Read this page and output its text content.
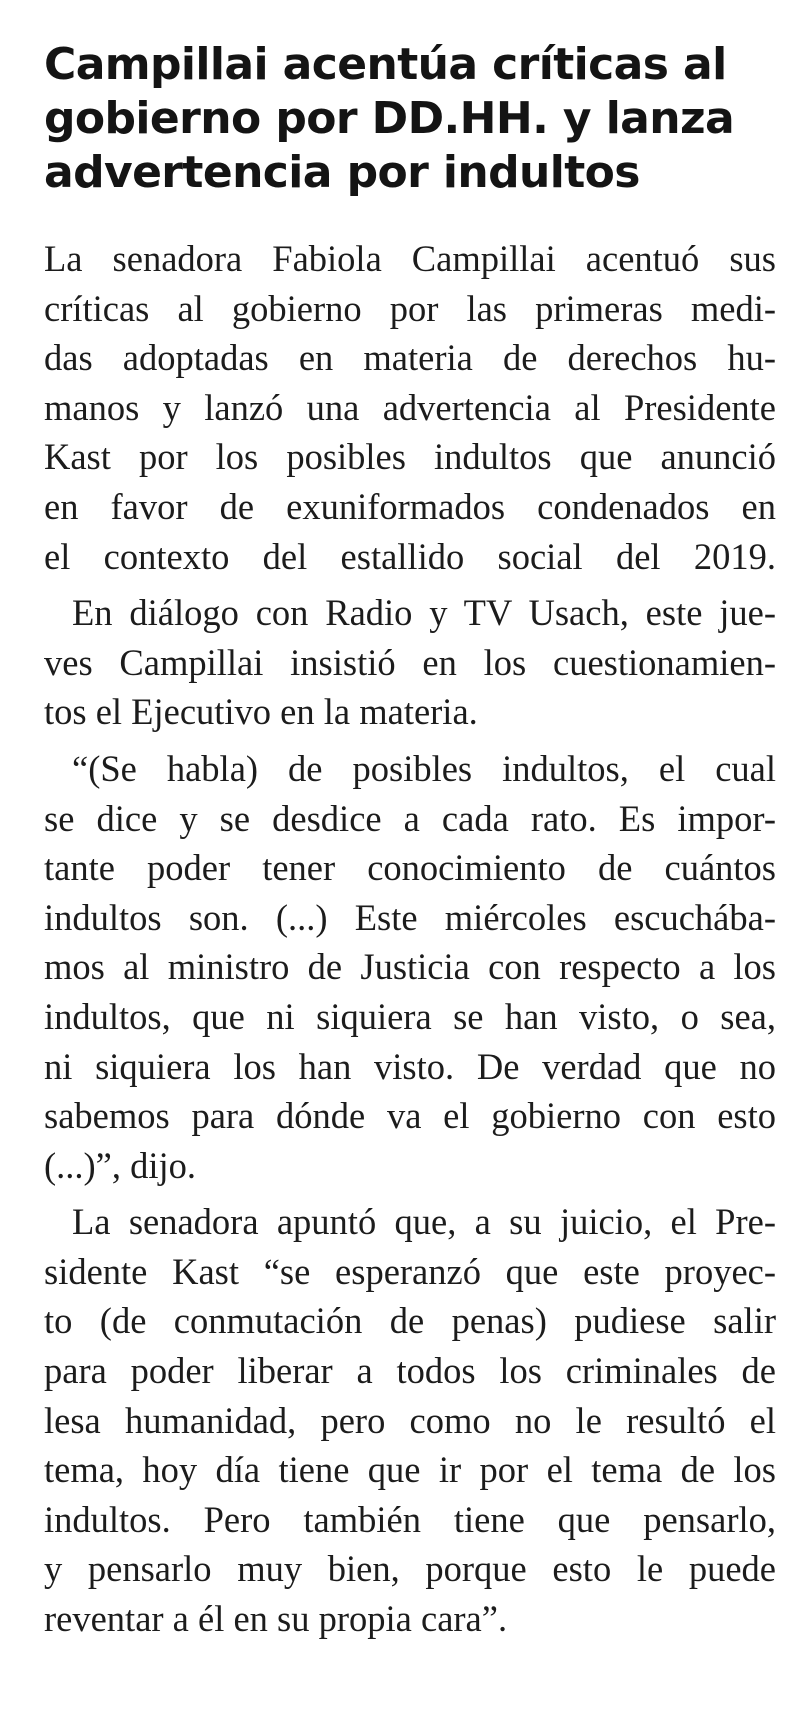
Campillai acentúa críticas al
gobierno por DD.HH. y lanza
advertencia por indultos

La senadora Fabiola Campillai acentuó sus
críticas al gobierno por las primeras medi-
das adoptadas en materia de derechos hu-
manos y lanzó una advertencia al Presidente
Kast por los posibles indultos que anunció
en favor de exuniformados condenados en
el contexto del estallido social del 2019.

En diálogo con Radio y TV Usach, este jue-
ves Campillai insistió en los cuestionamien-
tos el Ejecutivo en la materia.

“(Se habla) de posibles indultos, el cual
se dice y se desdice a cada rato. Es impor-
tante poder tener conocimiento de cuántos
indultos son. (...) Este miércoles escuchába-
mos al ministro de Justicia con respecto a los
indultos, que ni siquiera se han visto, o sea,
ni siquiera los han visto. De verdad que no
sabemos para dónde va el gobierno con esto
(...)”, dijo.

La senadora apuntó que, a su juicio, el Pre-
sidente Kast “se esperanzó que este proyec-
to (de conmutación de penas) pudiese salir
para poder liberar a todos los criminales de
lesa humanidad, pero como no le resultó el
tema, hoy día tiene que ir por el tema de los
indultos. Pero también tiene que pensarlo,
y pensarlo muy bien, porque esto le puede
reventar a él en su propia cara”.
